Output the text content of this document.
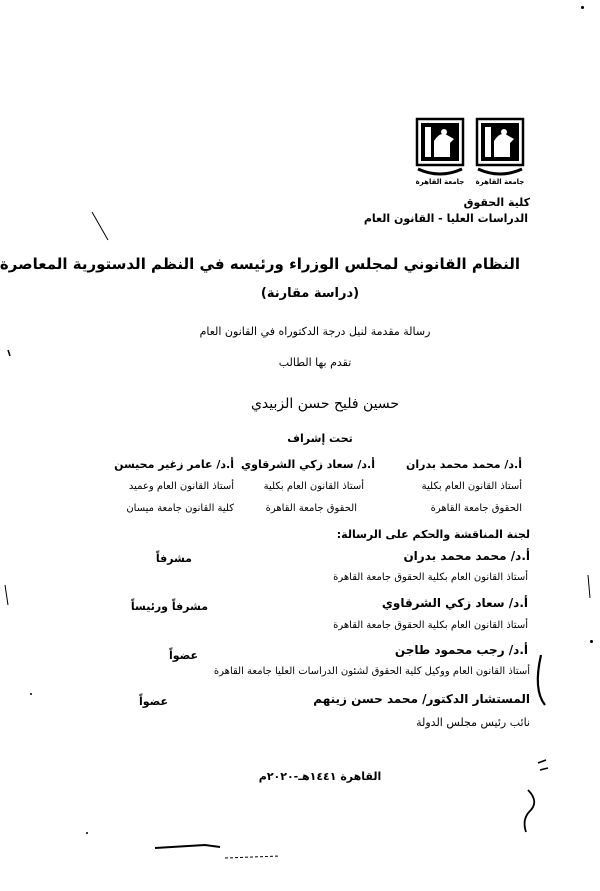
جامعة القاهرة جامعة القاهرة
كلية الحقوق
الدراسات العليا - القانون العام
النظام القانوني لمجلس الوزراء ورئيسه في النظم الدستورية المعاصرة
(دراسة مقارنة)
رسالة مقدمة لنيل درجة الدكتوراه في القانون العام
تقدم بها الطالب
حسين فليح حسن الزبيدي
تحت إشراف
أ.د/ محمد محمد بدران
أستاذ القانون العام بكلية
الحقوق جامعة القاهرة
أ.د/ سعاد زكي الشرقاوي
أستاذ القانون العام بكلية
الحقوق جامعة القاهرة
أ.د/ عامر زغير محيسن
أستاذ القانون العام وعميد
كلية القانون جامعة ميسان
لجنة المناقشة والحكم على الرسالة:
أ.د/ محمد محمد بدران
أستاذ القانون العام بكلية الحقوق جامعة القاهرة
مشرفاً
أ.د/ سعاد زكي الشرقاوي
أستاذ القانون العام بكلية الحقوق جامعة القاهرة
مشرفاً ورئيساً
أ.د/ رجب محمود طاجن
أستاذ القانون العام ووكيل كلية الحقوق لشئون الدراسات العليا جامعة القاهرة
عضواً
المستشار الدكتور/ محمد حسن زينهم
نائب رئيس مجلس الدولة
عضواً
القاهرة ١٤٤١هـ-٢٠٢٠م
